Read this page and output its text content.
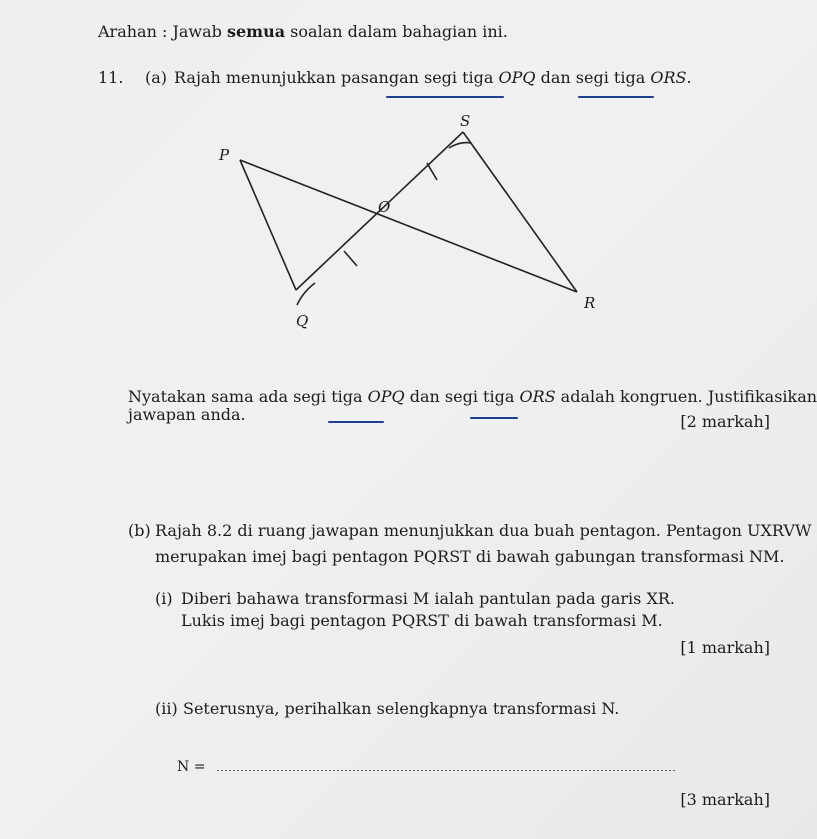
Arahan : Jawab semua soalan dalam bahagian ini.
11. (a) Rajah menunjukkan pasangan segi tiga OPQ dan segi tiga ORS.
P
Q
O
S
R
Nyatakan sama ada segi tiga OPQ dan segi tiga ORS adalah kongruen. Justifikasikan
jawapan anda.	[2 markah]
(b) Rajah 8.2 di ruang jawapan menunjukkan dua buah pentagon. Pentagon UXRVW
merupakan imej bagi pentagon PQRST di bawah gabungan transformasi NM.
(i) Diberi bahawa transformasi M ialah pantulan pada garis XR.
Lukis imej bagi pentagon PQRST di bawah transformasi M.
[1 markah]
(ii) Seterusnya, perihalkan selengkapnya transformasi N.
N =
[3 markah]
